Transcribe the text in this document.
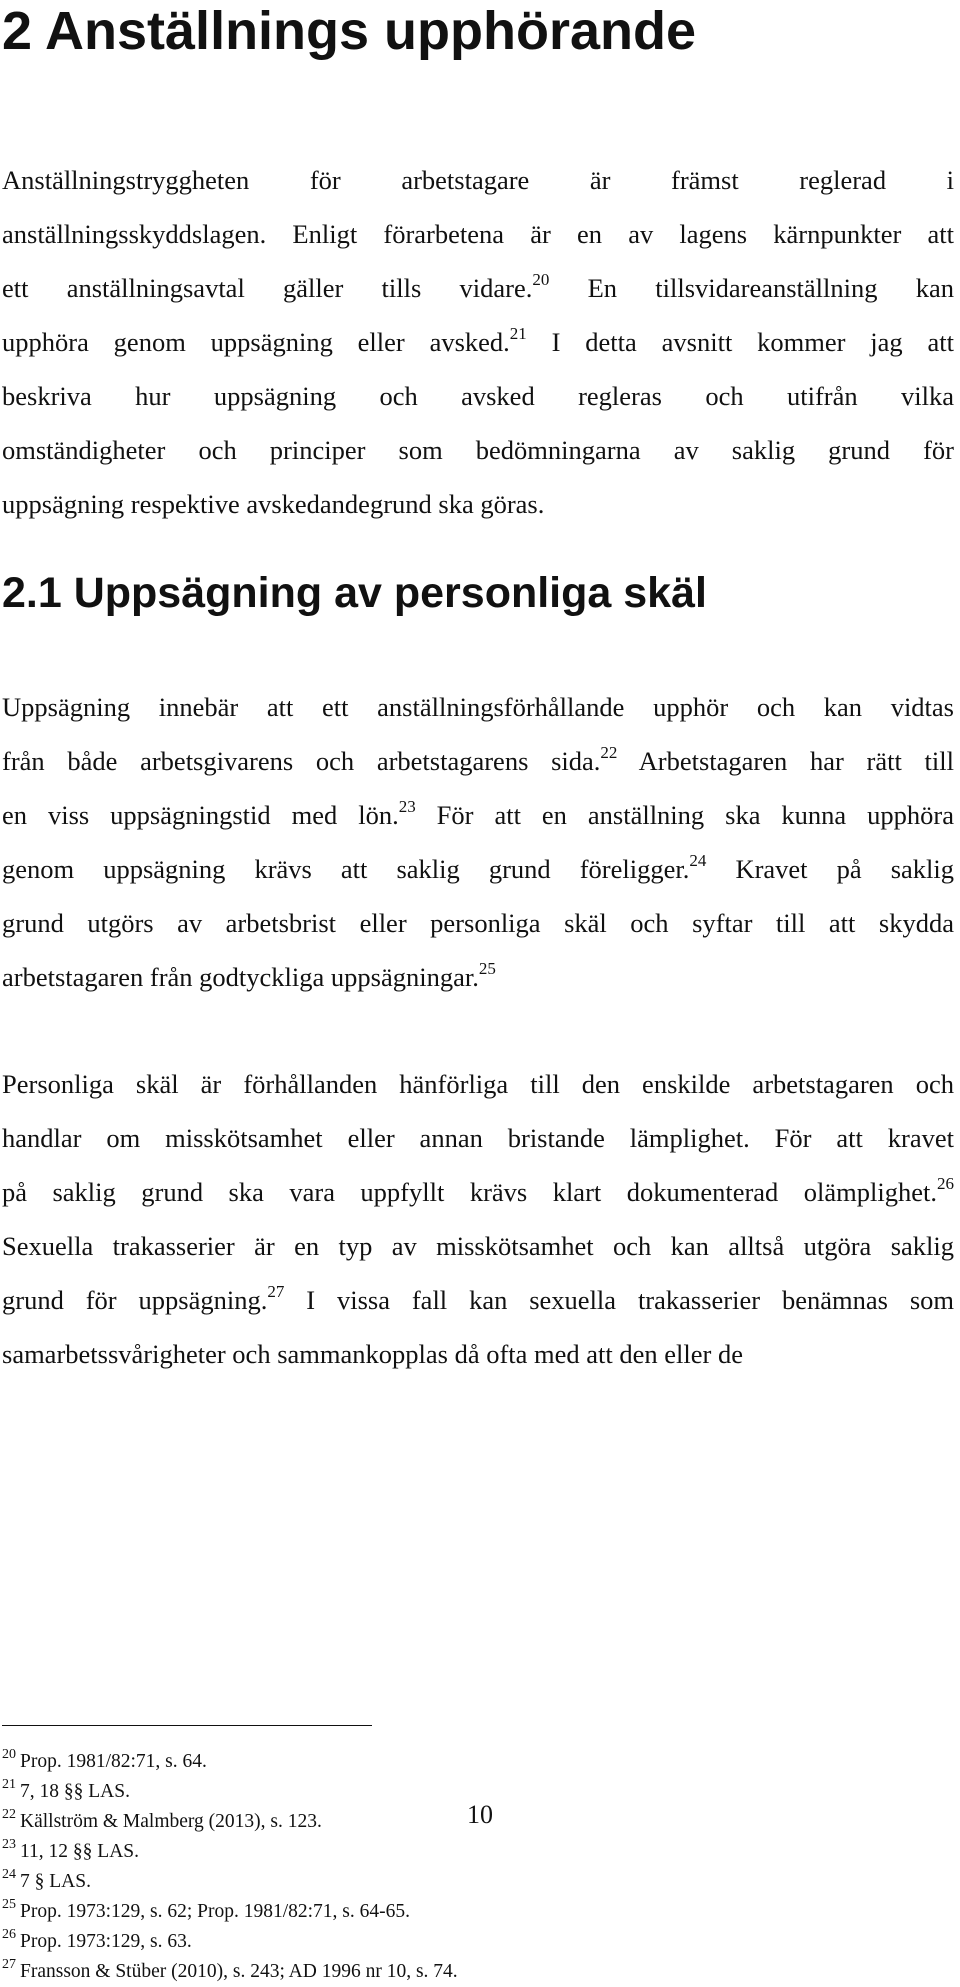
2 Anställnings upphörande
Anställningstryggheten för arbetstagare är främst reglerad i
anställningsskyddslagen. Enligt förarbetena är en av lagens kärnpunkter att
ett anställningsavtal gäller tills vidare.$^{20}$ En tillsvidareanställning kan
upphöra genom uppsägning eller avsked.$^{21}$ I detta avsnitt kommer jag att
beskriva hur uppsägning och avsked regleras och utifrån vilka
omständigheter och principer som bedömningarna av saklig grund för
uppsägning respektive avskedandegrund ska göras.
2.1 Uppsägning av personliga skäl
Uppsägning innebär att ett anställningsförhållande upphör och kan vidtas
från både arbetsgivarens och arbetstagarens sida.$^{22}$ Arbetstagaren har rätt till
en viss uppsägningstid med lön.$^{23}$ För att en anställning ska kunna upphöra
genom uppsägning krävs att saklig grund föreligger.$^{24}$ Kravet på saklig
grund utgörs av arbetsbrist eller personliga skäl och syftar till att skydda
arbetstagaren från godtyckliga uppsägningar.$^{25}$
Personliga skäl är förhållanden hänförliga till den enskilde arbetstagaren och
handlar om misskötsamhet eller annan bristande lämplighet. För att kravet
på saklig grund ska vara uppfyllt krävs klart dokumenterad olämplighet.$^{26}$
Sexuella trakasserier är en typ av misskötsamhet och kan alltså utgöra saklig
grund för uppsägning.$^{27}$ I vissa fall kan sexuella trakasserier benämnas som
samarbetssvårigheter och sammankopplas då ofta med att den eller de
$^{20}$ Prop. 1981/82:71, s. 64.
$^{21}$ 7, 18 §§ LAS.
$^{22}$ Källström & Malmberg (2013), s. 123.
$^{23}$ 11, 12 §§ LAS.
$^{24}$ 7 § LAS.
$^{25}$ Prop. 1973:129, s. 62; Prop. 1981/82:71, s. 64-65.
$^{26}$ Prop. 1973:129, s. 63.
$^{27}$ Fransson & Stüber (2010), s. 243; AD 1996 nr 10, s. 74.
10
